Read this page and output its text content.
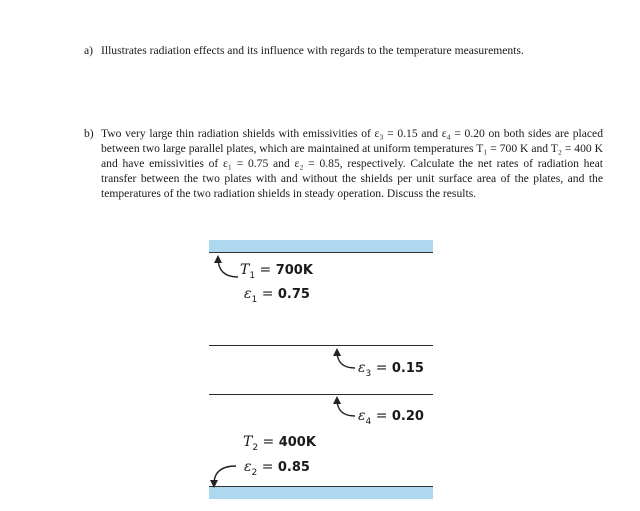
a) Illustrates radiation effects and its influence with regards to the temperature measurements.
b) Two very large thin radiation shields with emissivities of ε₃ = 0.15 and ε₄ = 0.20 on both sides are placed between two large parallel plates, which are maintained at uniform temperatures T₁ = 700 K and T₂ = 400 K and have emissivities of ε₁ = 0.75 and ε₂ = 0.85, respectively. Calculate the net rates of radiation heat transfer between the two plates with and without the shields per unit surface area of the plates, and the temperatures of the two radiation shields in steady operation. Discuss the results.
$T_1 = 700K$
$\varepsilon_1 = 0.75$
$\varepsilon_3 = 0.15$
$\varepsilon_4 = 0.20$
$T_2 = 400K$
$\varepsilon_2 = 0.85$
